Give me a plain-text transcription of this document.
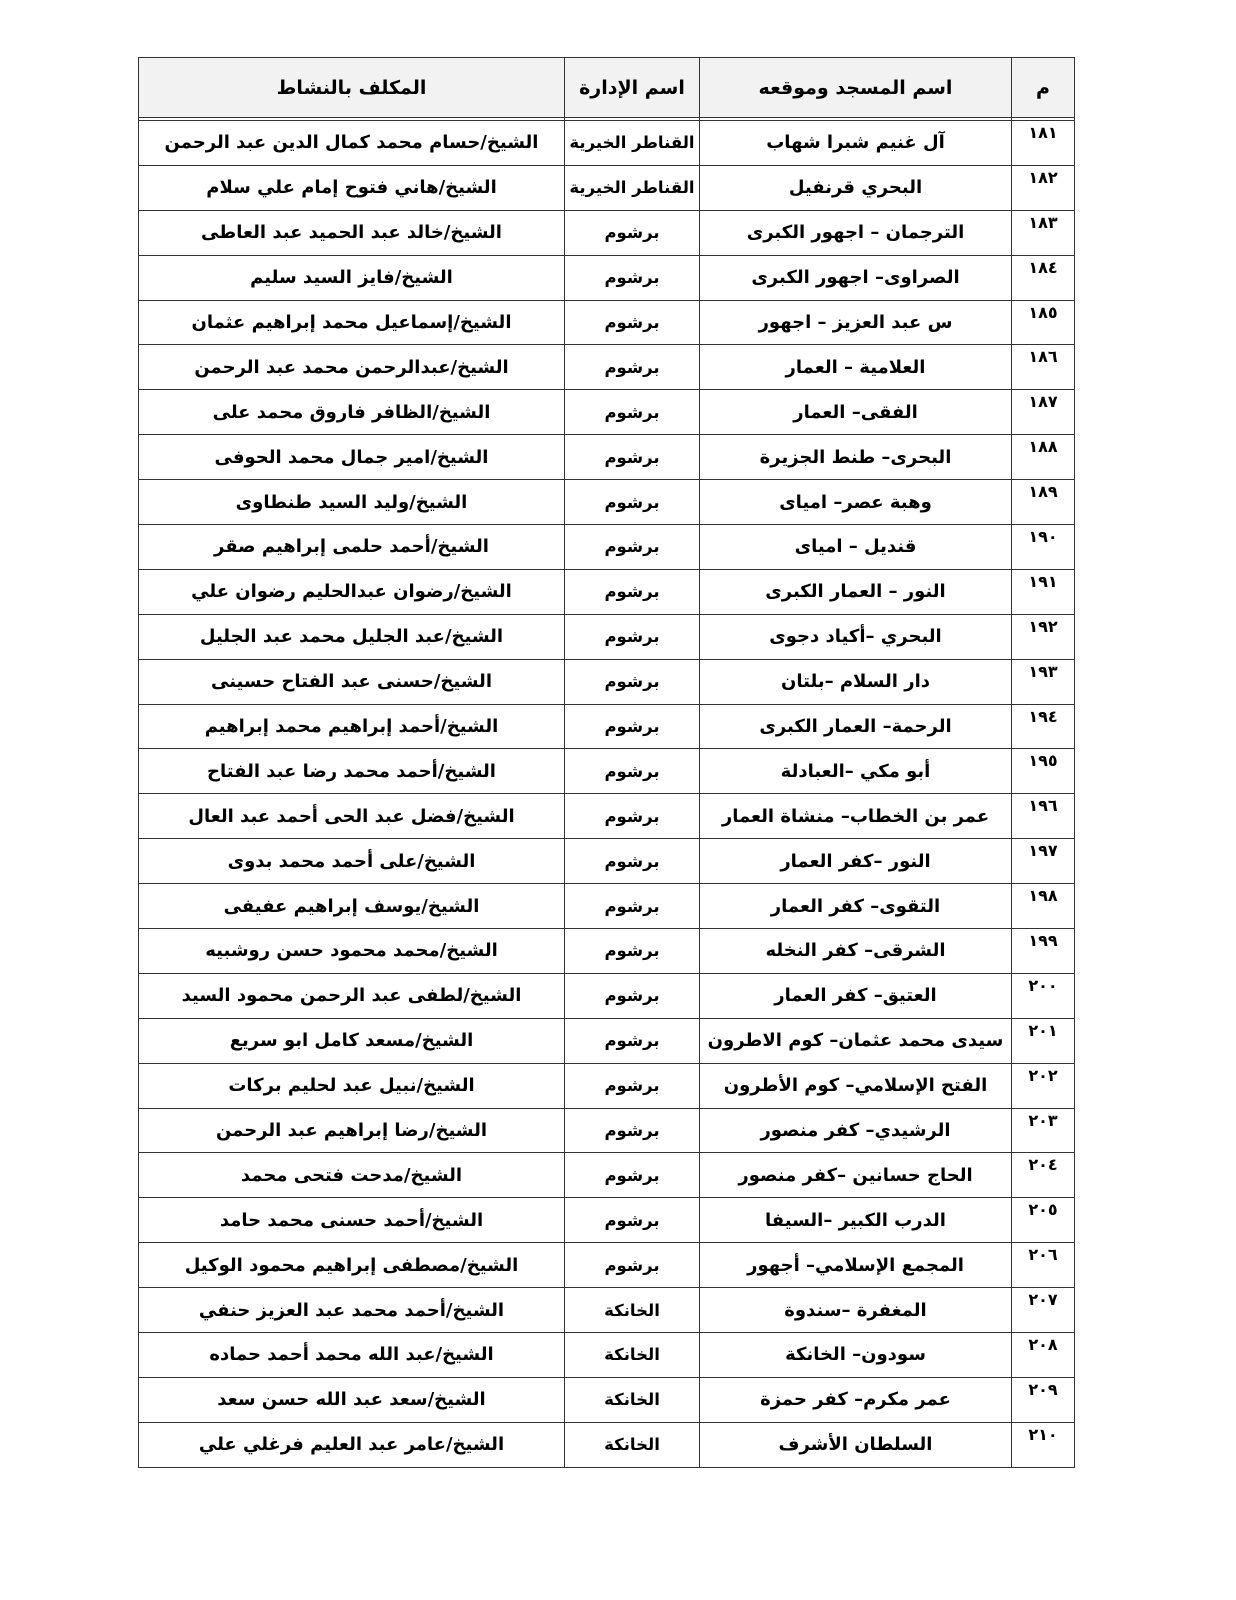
م	اسم المسجد وموقعه	اسم الإدارة	المكلف بالنشاط

١٨١	آل غنيم شبرا شهاب	القناطر الخيرية	الشيخ/حسام محمد كمال الدين عبد الرحمن
١٨٢	البحري قرنفيل	القناطر الخيرية	الشيخ/هاني فتوح إمام علي سلام
١٨٣	الترجمان – اجهور الكبرى	برشوم	الشيخ/خالد عبد الحميد عبد العاطى
١٨٤	الصراوى– اجهور الكبرى	برشوم	الشيخ/فايز السيد سليم
١٨٥	س عبد العزيز – اجهور	برشوم	الشيخ/إسماعيل محمد إبراهيم عثمان
١٨٦	العلامية – العمار	برشوم	الشيخ/عبدالرحمن محمد عبد الرحمن
١٨٧	الفقى– العمار	برشوم	الشيخ/الظافر فاروق محمد على
١٨٨	البحرى– طنط الجزيرة	برشوم	الشيخ/امير جمال محمد الحوفى
١٨٩	وهبة عصر– امياى	برشوم	الشيخ/وليد السيد طنطاوى
١٩٠	قنديل – امياى	برشوم	الشيخ/أحمد حلمى إبراهيم صقر
١٩١	النور – العمار الكبرى	برشوم	الشيخ/رضوان عبدالحليم رضوان علي
١٩٢	البحري –أكياد دجوى	برشوم	الشيخ/عبد الجليل محمد عبد الجليل
١٩٣	دار السلام –بلتان	برشوم	الشيخ/حسنى عبد الفتاح حسينى
١٩٤	الرحمة– العمار الكبرى	برشوم	الشيخ/أحمد إبراهيم محمد إبراهيم
١٩٥	أبو مكي –العبادلة	برشوم	الشيخ/أحمد محمد رضا عبد الفتاح
١٩٦	عمر بن الخطاب– منشاة العمار	برشوم	الشيخ/فضل عبد الحى أحمد عبد العال
١٩٧	النور –كفر العمار	برشوم	الشيخ/على أحمد محمد بدوى
١٩٨	التقوى– كفر العمار	برشوم	الشيخ/يوسف إبراهيم عفيفى
١٩٩	الشرقى– كفر النخله	برشوم	الشيخ/محمد محمود حسن روشبيه
٢٠٠	العتيق– كفر العمار	برشوم	الشيخ/لطفى عبد الرحمن محمود السيد
٢٠١	سيدى محمد عثمان– كوم الاطرون	برشوم	الشيخ/مسعد كامل ابو سريع
٢٠٢	الفتح الإسلامي– كوم الأطرون	برشوم	الشيخ/نبيل عبد لحليم بركات
٢٠٣	الرشيدي– كفر منصور	برشوم	الشيخ/رضا إبراهيم عبد الرحمن
٢٠٤	الحاج حسانين –كفر منصور	برشوم	الشيخ/مدحت فتحى محمد
٢٠٥	الدرب الكبير –السيفا	برشوم	الشيخ/أحمد حسنى محمد حامد
٢٠٦	المجمع الإسلامي– أجهور	برشوم	الشيخ/مصطفى إبراهيم محمود الوكيل
٢٠٧	المغفرة –سندوة	الخانكة	الشيخ/أحمد محمد عبد العزيز حنفي
٢٠٨	سودون– الخانكة	الخانكة	الشيخ/عبد الله محمد أحمد حماده
٢٠٩	عمر مكرم– كفر حمزة	الخانكة	الشيخ/سعد عبد الله حسن سعد
٢١٠	السلطان الأشرف	الخانكة	الشيخ/عامر عبد العليم فرغلي علي
